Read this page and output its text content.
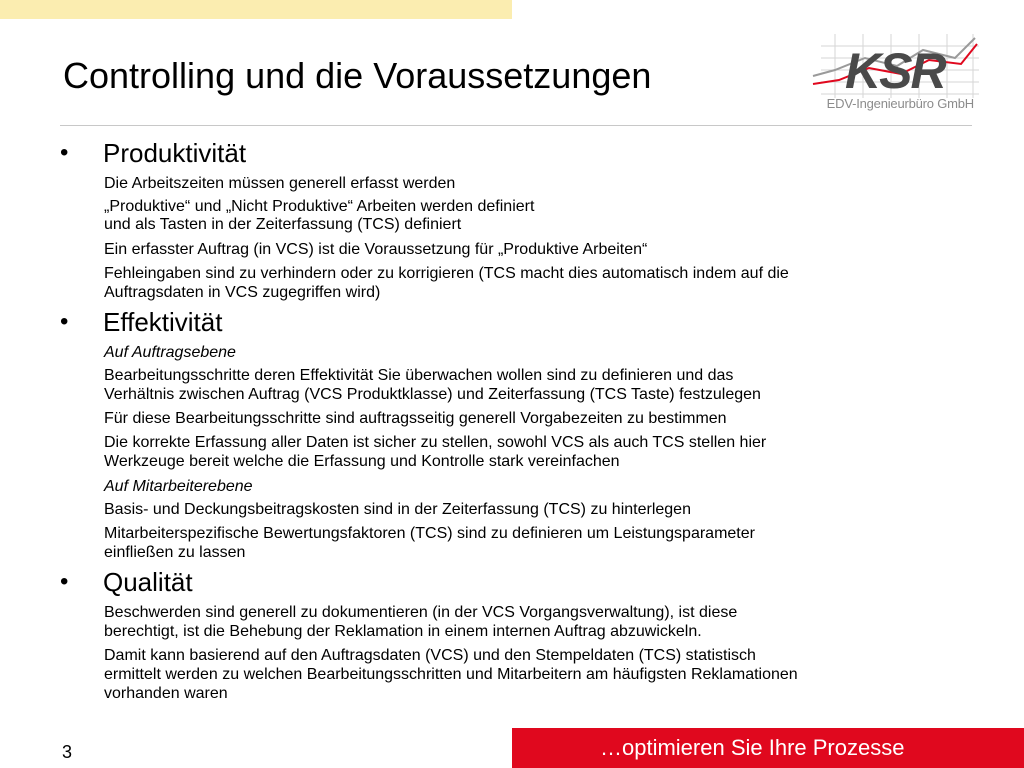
Controlling und die Voraussetzungen	KSR
EDV-Ingenieurbüro GmbH
• Produktivität
Die Arbeitszeiten müssen generell erfasst werden
„Produktive“ und „Nicht Produktive“ Arbeiten werden definiert
und als Tasten in der Zeiterfassung (TCS) definiert
Ein erfasster Auftrag (in VCS) ist die Voraussetzung für „Produktive Arbeiten“
Fehleingaben sind zu verhindern oder zu korrigieren (TCS macht dies automatisch indem auf die
Auftragsdaten in VCS zugegriffen wird)
• Effektivität
Auf Auftragsebene
Bearbeitungsschritte deren Effektivität Sie überwachen wollen sind zu definieren und das
Verhältnis zwischen Auftrag (VCS Produktklasse) und Zeiterfassung (TCS Taste) festzulegen
Für diese Bearbeitungsschritte sind auftragsseitig generell Vorgabezeiten zu bestimmen
Die korrekte Erfassung aller Daten ist sicher zu stellen, sowohl VCS als auch TCS stellen hier
Werkzeuge bereit welche die Erfassung und Kontrolle stark vereinfachen
Auf Mitarbeiterebene
Basis- und Deckungsbeitragskosten sind in der Zeiterfassung (TCS) zu hinterlegen
Mitarbeiterspezifische Bewertungsfaktoren (TCS) sind zu definieren um Leistungsparameter
einfließen zu lassen
• Qualität
Beschwerden sind generell zu dokumentieren (in der VCS Vorgangsverwaltung), ist diese
berechtigt, ist die Behebung der Reklamation in einem internen Auftrag abzuwickeln.
Damit kann basierend auf den Auftragsdaten (VCS) und den Stempeldaten (TCS) statistisch
ermittelt werden zu welchen Bearbeitungsschritten und Mitarbeitern am häufigsten Reklamationen
vorhanden waren
3	…optimieren Sie Ihre Prozesse
